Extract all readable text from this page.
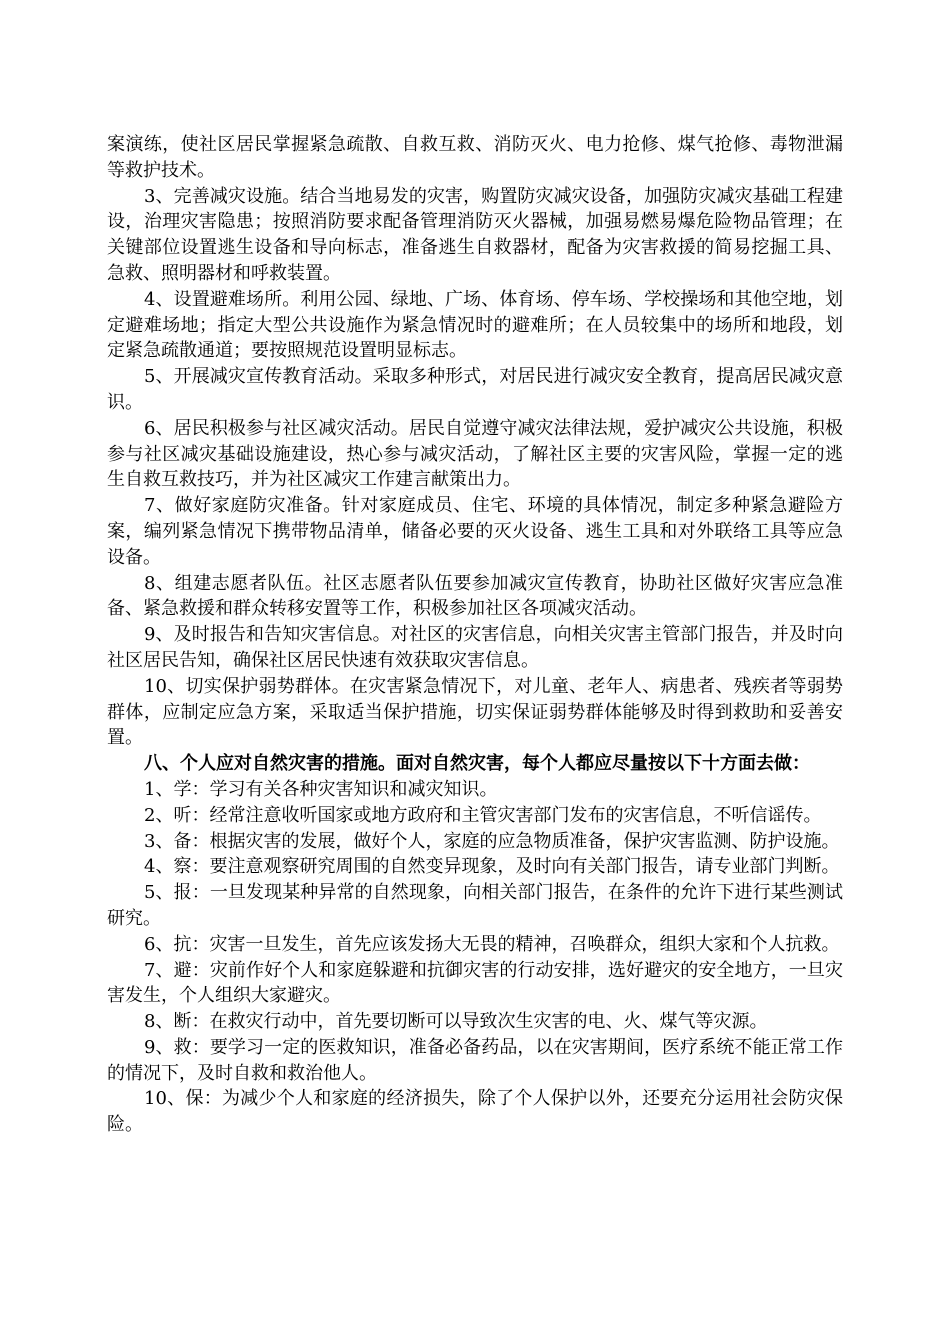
案演练，使社区居民掌握紧急疏散、自救互救、消防灭火、电力抢修、煤气抢修、毒物泄漏等救护技术。

3、完善减灾设施。结合当地易发的灾害，购置防灾减灾设备，加强防灾减灾基础工程建设，治理灾害隐患；按照消防要求配备管理消防灭火器械，加强易燃易爆危险物品管理；在关键部位设置逃生设备和导向标志，准备逃生自救器材，配备为灾害救援的简易挖掘工具、急救、照明器材和呼救装置。

4、设置避难场所。利用公园、绿地、广场、体育场、停车场、学校操场和其他空地，划定避难场地；指定大型公共设施作为紧急情况时的避难所；在人员较集中的场所和地段，划定紧急疏散通道；要按照规范设置明显标志。

5、开展减灾宣传教育活动。采取多种形式，对居民进行减灾安全教育，提高居民减灾意识。

6、居民积极参与社区减灾活动。居民自觉遵守减灾法律法规，爱护减灾公共设施，积极参与社区减灾基础设施建设，热心参与减灾活动，了解社区主要的灾害风险，掌握一定的逃生自救互救技巧，并为社区减灾工作建言献策出力。

7、做好家庭防灾准备。针对家庭成员、住宅、环境的具体情况，制定多种紧急避险方案，编列紧急情况下携带物品清单，储备必要的灭火设备、逃生工具和对外联络工具等应急设备。

8、组建志愿者队伍。社区志愿者队伍要参加减灾宣传教育，协助社区做好灾害应急准备、紧急救援和群众转移安置等工作，积极参加社区各项减灾活动。

9、及时报告和告知灾害信息。对社区的灾害信息，向相关灾害主管部门报告，并及时向社区居民告知，确保社区居民快速有效获取灾害信息。

10、切实保护弱势群体。在灾害紧急情况下，对儿童、老年人、病患者、残疾者等弱势群体，应制定应急方案，采取适当保护措施，切实保证弱势群体能够及时得到救助和妥善安置。

八、个人应对自然灾害的措施。面对自然灾害，每个人都应尽量按以下十方面去做：

1、学：学习有关各种灾害知识和减灾知识。

2、听：经常注意收听国家或地方政府和主管灾害部门发布的灾害信息，不听信谣传。

3、备：根据灾害的发展，做好个人，家庭的应急物质准备，保护灾害监测、防护设施。

4、察：要注意观察研究周围的自然变异现象，及时向有关部门报告，请专业部门判断。

5、报：一旦发现某种异常的自然现象，向相关部门报告，在条件的允许下进行某些测试研究。

6、抗：灾害一旦发生，首先应该发扬大无畏的精神，召唤群众，组织大家和个人抗救。

7、避：灾前作好个人和家庭躲避和抗御灾害的行动安排，选好避灾的安全地方，一旦灾害发生，个人组织大家避灾。

8、断：在救灾行动中，首先要切断可以导致次生灾害的电、火、煤气等灾源。

9、救：要学习一定的医救知识，准备必备药品，以在灾害期间，医疗系统不能正常工作的情况下，及时自救和救治他人。

10、保：为减少个人和家庭的经济损失，除了个人保护以外，还要充分运用社会防灾保险。
